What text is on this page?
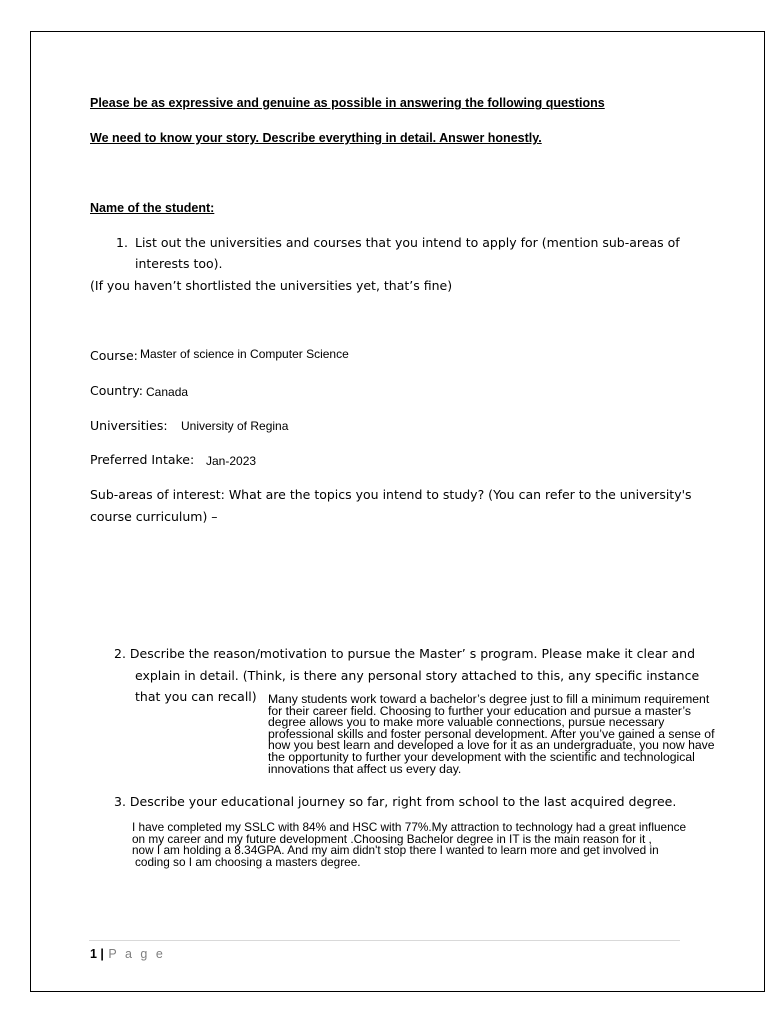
Please be as expressive and genuine as possible in answering the following questions
We need to know your story. Describe everything in detail. Answer honestly.
Name of the student:
1. List out the universities and courses that you intend to apply for (mention sub-areas of
interests too).
(If you haven’t shortlisted the universities yet, that’s fine)
Course: Master of science in Computer Science
Country: Canada
Universities: University of Regina
Preferred Intake: Jan-2023
Sub-areas of interest: What are the topics you intend to study? (You can refer to the university's
course curriculum) –
2. Describe the reason/motivation to pursue the Master’ s program. Please make it clear and
explain in detail. (Think, is there any personal story attached to this, any specific instance
that you can recall) Many students work toward a bachelor’s degree just to fill a minimum requirement
for their career field. Choosing to further your education and pursue a master’s
degree allows you to make more valuable connections, pursue necessary
professional skills and foster personal development. After you’ve gained a sense of
how you best learn and developed a love for it as an undergraduate, you now have
the opportunity to further your development with the scientific and technological
innovations that affect us every day.
3. Describe your educational journey so far, right from school to the last acquired degree.
I have completed my SSLC with 84% and HSC with 77%.My attraction to technology had a great influence
on my career and my future development .Choosing Bachelor degree in IT is the main reason for it ,
now I am holding a 8.34GPA. And my aim didn't stop there I wanted to learn more and get involved in
coding so I am choosing a masters degree.
1 | P a g e
